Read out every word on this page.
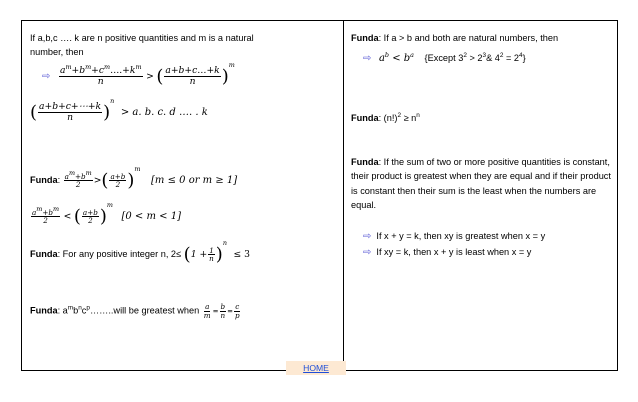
If a,b,c …. k are n positive quantities and m is a natural
number, then
⇨ $\frac{a^m+b^m+c^m\dots.+k^m}{n}$ > ( $\frac{a+b+c\dots+k}{n} )^m$
( $\frac{a+b+c+\cdots+k}{n} )^n > a$. b. c. d …. . k
Funda: $\frac{a^m+b^m}{2}$ >( $\frac{a+b}{2} )^m$ [m ≤ 0 or m ≥ 1]
$\frac{a^m+b^m}{2}$ < ( $\frac{a+b}{2} )^m$ [0 < m < 1]
Funda: For any positive integer n, $2\le (1 + \frac{1}{n} )^n \le 3$
Funda: $a^mb^nc^p\dots\dots..will$ be greatest when $\frac{a}{m} = \frac{b}{n} = \frac{c}{p}$
Funda: If a > b and both are natural numbers, then
⇨ $a^b < b^a$ {Except $3^2$ > $2^3\&$ $4^2 = 2^4$}
Funda: $(n!)^2 \ge n^n$
Funda: If the sum of two or more positive quantities is constant, their product is greatest when they are equal and if their product is constant then their sum is the least when the numbers are equal.
⇨ If x + y = k, then xy is greatest when x = y
⇨ If xy = k, then x + y is least when x = y
HOME
